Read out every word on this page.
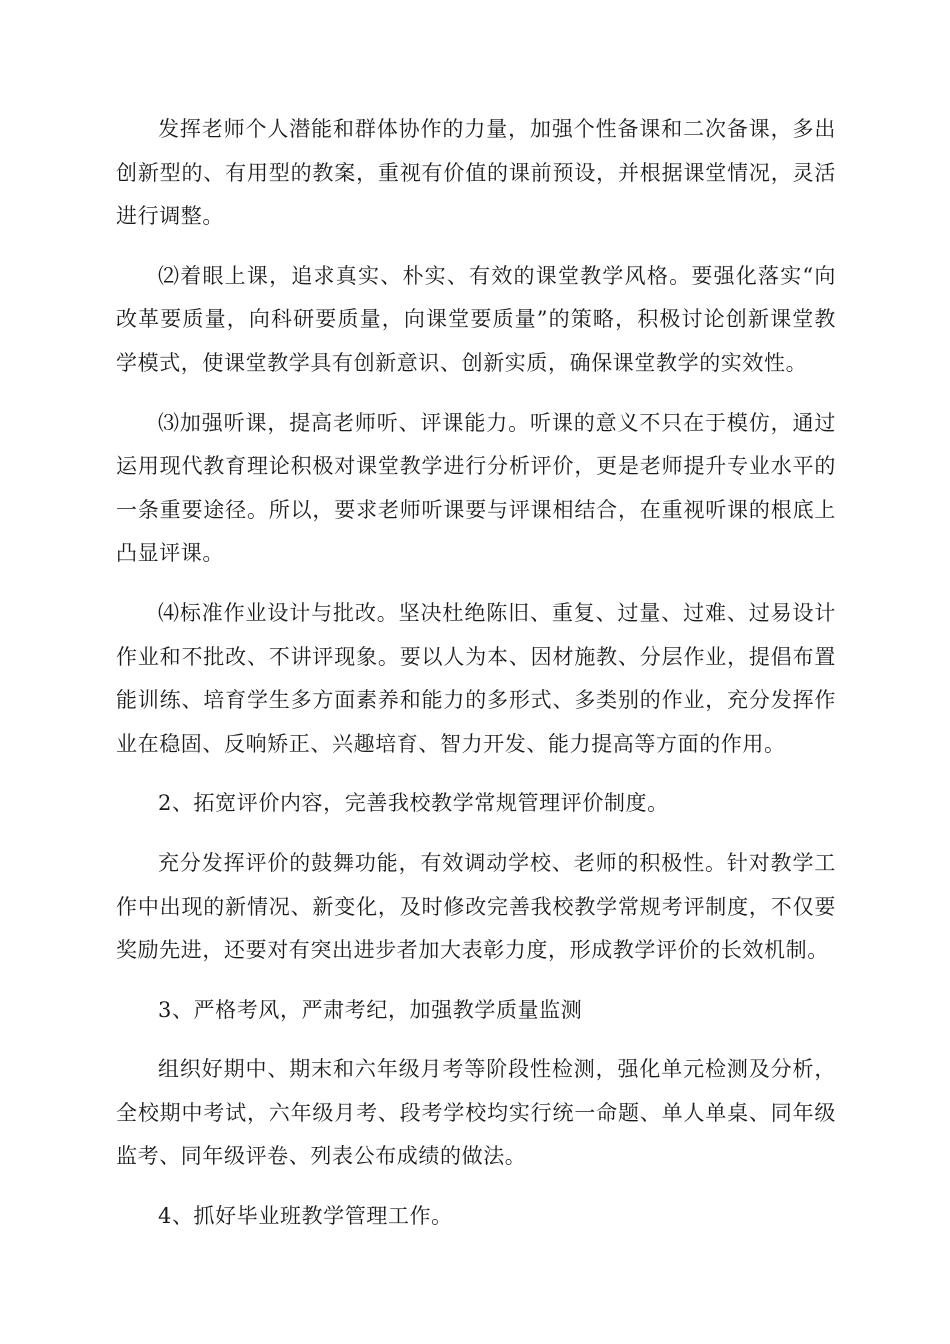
发挥老师个人潜能和群体协作的力量，加强个性备课和二次备课，多出创新型的、有用型的教案，重视有价值的课前预设，并根据课堂情况，灵活进行调整。

⑵着眼上课，追求真实、朴实、有效的课堂教学风格。要强化落实“向改革要质量，向科研要质量，向课堂要质量”的策略，积极讨论创新课堂教学模式，使课堂教学具有创新意识、创新实质，确保课堂教学的实效性。

⑶加强听课，提高老师听、评课能力。听课的意义不只在于模仿，通过运用现代教育理论积极对课堂教学进行分析评价，更是老师提升专业水平的一条重要途径。所以，要求老师听课要与评课相结合，在重视听课的根底上凸显评课。

⑷标准作业设计与批改。坚决杜绝陈旧、重复、过量、过难、过易设计作业和不批改、不讲评现象。要以人为本、因材施教、分层作业，提倡布置能训练、培育学生多方面素养和能力的多形式、多类别的作业，充分发挥作业在稳固、反响矫正、兴趣培育、智力开发、能力提高等方面的作用。

2、拓宽评价内容，完善我校教学常规管理评价制度。

充分发挥评价的鼓舞功能，有效调动学校、老师的积极性。针对教学工作中出现的新情况、新变化，及时修改完善我校教学常规考评制度，不仅要奖励先进，还要对有突出进步者加大表彰力度，形成教学评价的长效机制。

3、严格考风，严肃考纪，加强教学质量监测

组织好期中、期末和六年级月考等阶段性检测，强化单元检测及分析，全校期中考试，六年级月考、段考学校均实行统一命题、单人单桌、同年级监考、同年级评卷、列表公布成绩的做法。

4、抓好毕业班教学管理工作。
